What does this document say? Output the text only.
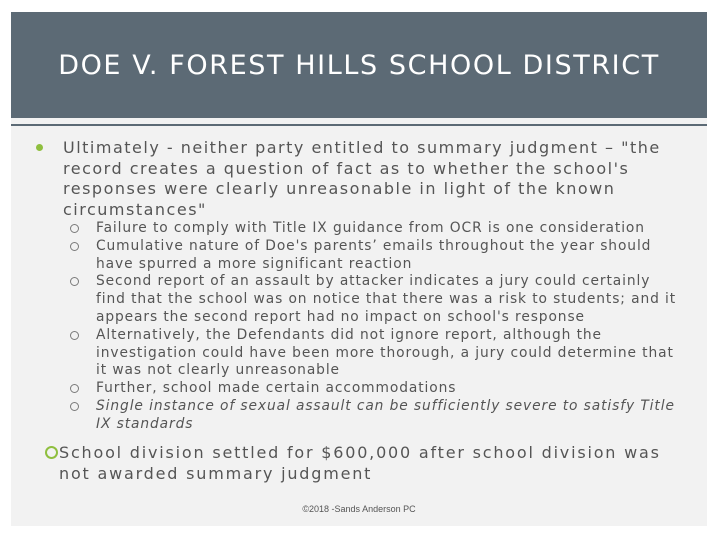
DOE V. FOREST HILLS SCHOOL DISTRICT
Ultimately - neither party entitled to summary judgment – "the record creates a question of fact as to whether the school's responses were clearly unreasonable in light of the known circumstances"
Failure to comply with Title IX guidance from OCR is one consideration
Cumulative nature of Doe's parents’ emails throughout the year should have spurred a more significant reaction
Second report of an assault by attacker indicates a jury could certainly find that the school was on notice that there was a risk to students; and it appears the second report had no impact on school's response
Alternatively, the Defendants did not ignore report, although the investigation could have been more thorough, a jury could determine that it was not clearly unreasonable
Further, school made certain accommodations
Single instance of sexual assault can be sufficiently severe to satisfy Title IX standards
School division settled for $600,000 after school division was not awarded summary judgment
©2018 -Sands Anderson PC
